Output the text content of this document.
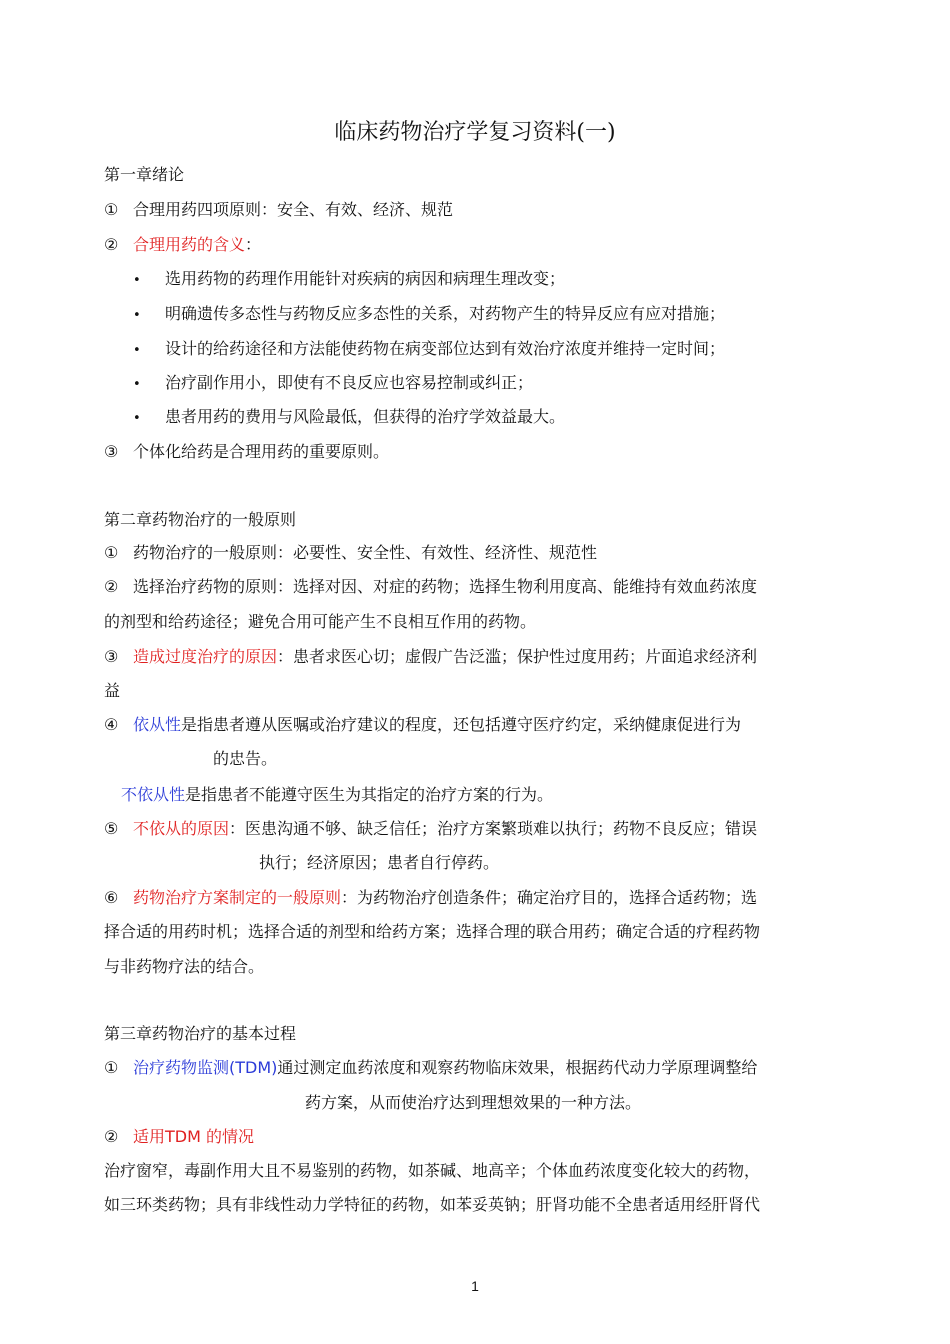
临床药物治疗学复习资料(一)
第一章绪论
① 合理用药四项原则：安全、有效、经济、规范
② 合理用药的含义：
• 选用药物的药理作用能针对疾病的病因和病理生理改变；
• 明确遗传多态性与药物反应多态性的关系，对药物产生的特异反应有应对措施；
• 设计的给药途径和方法能使药物在病变部位达到有效治疗浓度并维持一定时间；
• 治疗副作用小，即使有不良反应也容易控制或纠正；
• 患者用药的费用与风险最低，但获得的治疗学效益最大。
③ 个体化给药是合理用药的重要原则。
第二章药物治疗的一般原则
① 药物治疗的一般原则：必要性、安全性、有效性、经济性、规范性
② 选择治疗药物的原则：选择对因、对症的药物；选择生物利用度高、能维持有效血药浓度
的剂型和给药途径；避免合用可能产生不良相互作用的药物。
③ 造成过度治疗的原因：患者求医心切；虚假广告泛滥；保护性过度用药；片面追求经济利
益
④ 依从性是指患者遵从医嘱或治疗建议的程度，还包括遵守医疗约定，采纳健康促进行为
的忠告。
不依从性是指患者不能遵守医生为其指定的治疗方案的行为。
⑤ 不依从的原因：医患沟通不够、缺乏信任；治疗方案繁琐难以执行；药物不良反应；错误
执行；经济原因；患者自行停药。
⑥ 药物治疗方案制定的一般原则：为药物治疗创造条件；确定治疗目的，选择合适药物；选
择合适的用药时机；选择合适的剂型和给药方案；选择合理的联合用药；确定合适的疗程药物
与非药物疗法的结合。
第三章药物治疗的基本过程
① 治疗药物监测(TDM)通过测定血药浓度和观察药物临床效果，根据药代动力学原理调整给
药方案，从而使治疗达到理想效果的一种方法。
② 适用TDM 的情况
治疗窗窄，毒副作用大且不易鉴别的药物，如茶碱、地高辛；个体血药浓度变化较大的药物，
如三环类药物；具有非线性动力学特征的药物，如苯妥英钠；肝肾功能不全患者适用经肝肾代
1
